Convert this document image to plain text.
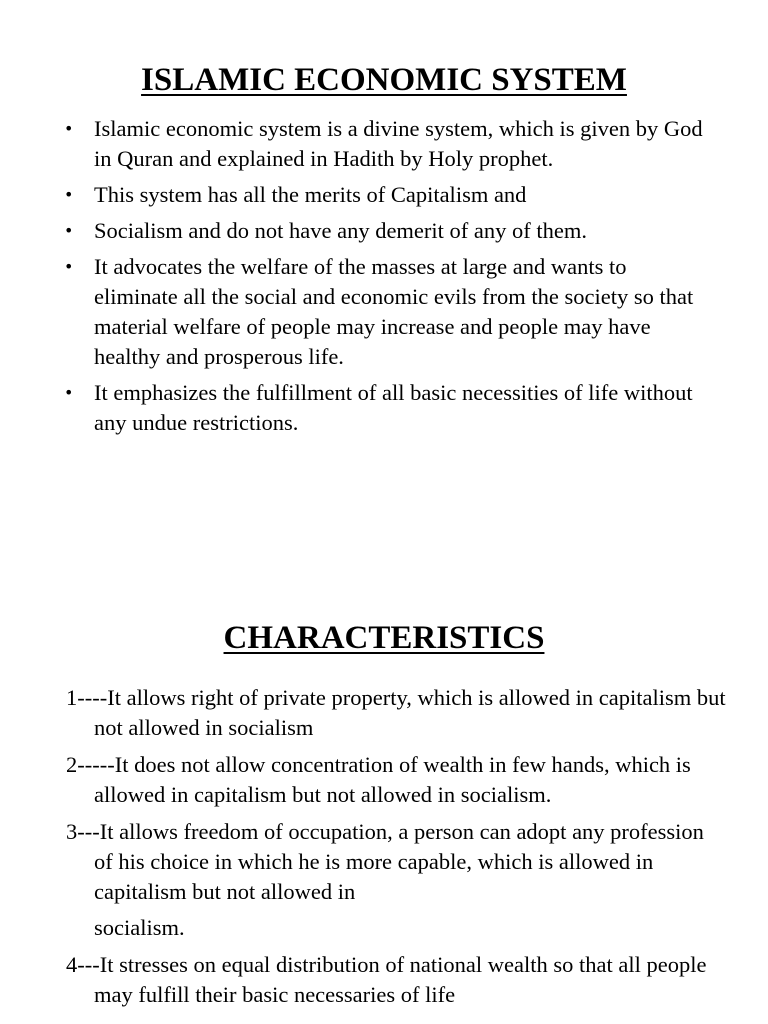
ISLAMIC ECONOMIC SYSTEM
• Islamic economic system is a divine system, which is given by God in Quran and explained in Hadith by Holy prophet.
• This system has all the merits of Capitalism and
• Socialism and do not have any demerit of any of them.
• It advocates the welfare of the masses at large and wants to eliminate all the social and economic evils from the society so that material welfare of people may increase and people may have healthy and prosperous life.
• It emphasizes the fulfillment of all basic necessities of life without any undue restrictions.
CHARACTERISTICS
1----It allows right of private property, which is allowed in capitalism but not allowed in socialism
2-----It does not allow concentration of wealth in few hands, which is allowed in capitalism but not allowed in socialism.
3---It allows freedom of occupation, a person can adopt any profession of his choice in which he is more capable, which is allowed in capitalism but not allowed in
socialism.
4---It stresses on equal distribution of national wealth so that all people may fulfill their basic necessaries of life
